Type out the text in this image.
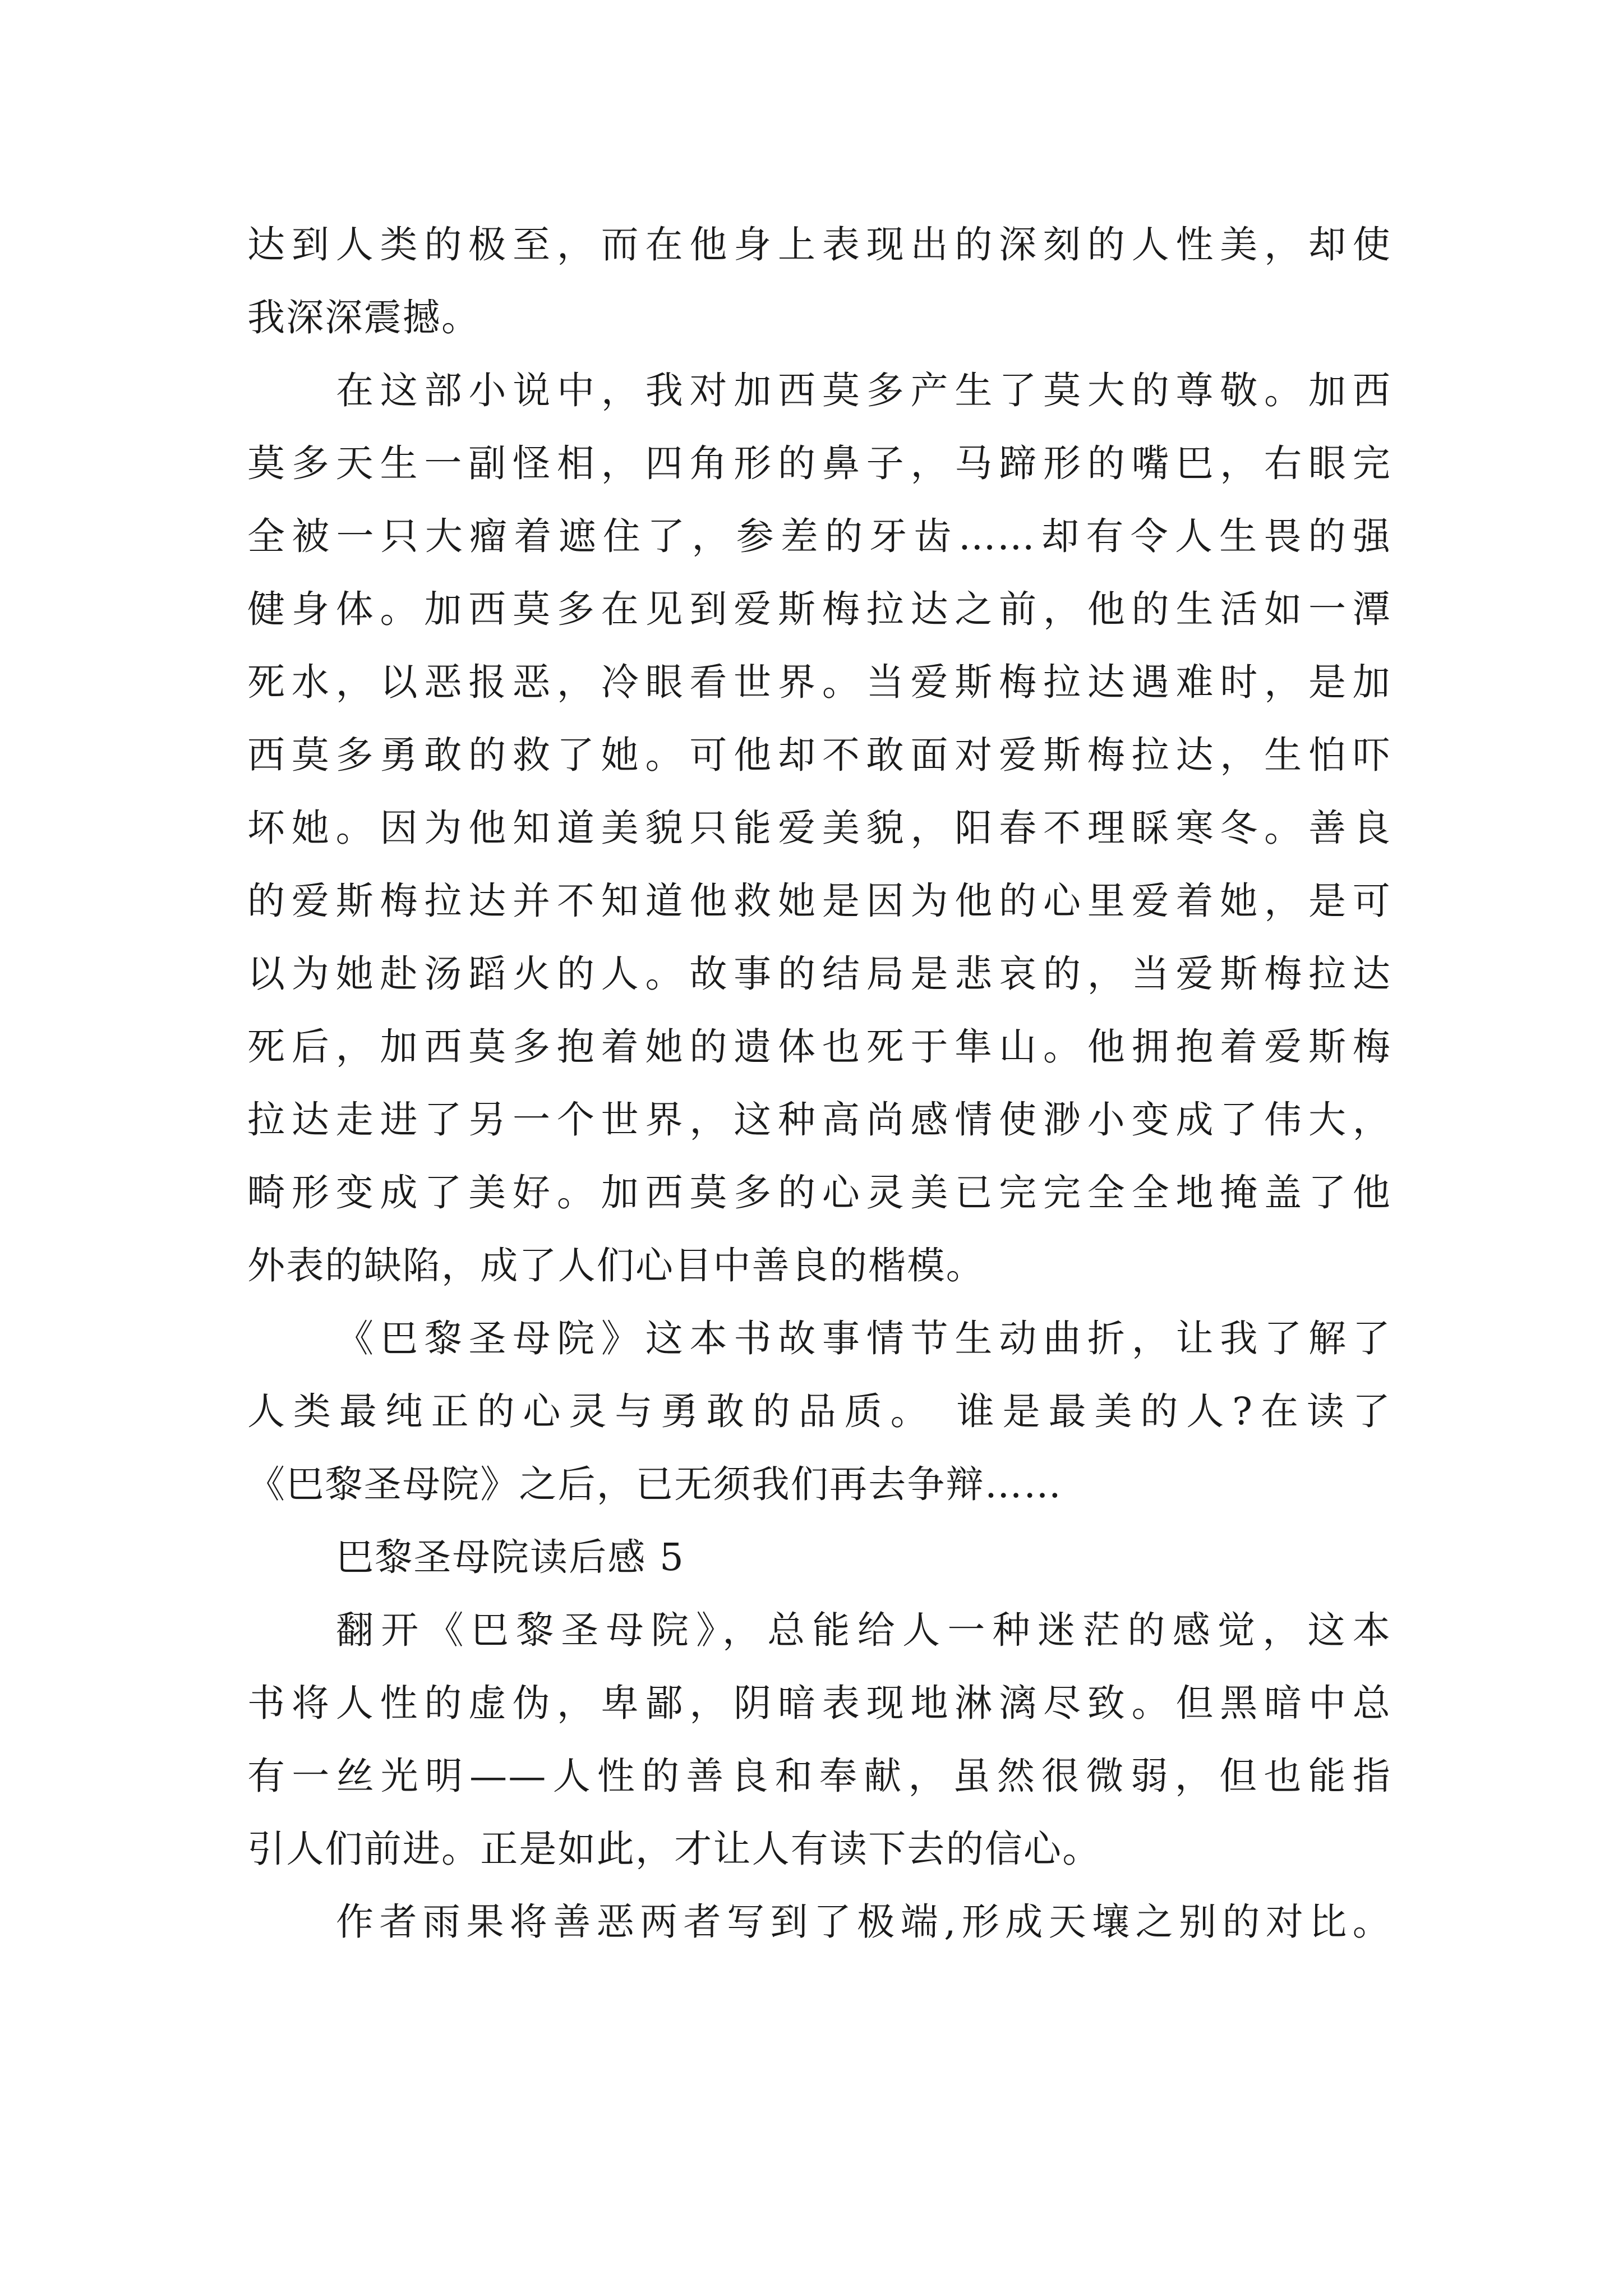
达到人类的极至，而在他身上表现出的深刻的人性美，却使
我深深震撼。
在这部小说中，我对加西莫多产生了莫大的尊敬。加西
莫多天生一副怪相，四角形的鼻子，马蹄形的嘴巴，右眼完
全被一只大瘤着遮住了，参差的牙齿……却有令人生畏的强
健身体。加西莫多在见到爱斯梅拉达之前，他的生活如一潭
死水，以恶报恶，冷眼看世界。当爱斯梅拉达遇难时，是加
西莫多勇敢的救了她。可他却不敢面对爱斯梅拉达，生怕吓
坏她。因为他知道美貌只能爱美貌，阳春不理睬寒冬。善良
的爱斯梅拉达并不知道他救她是因为他的心里爱着她，是可
以为她赴汤蹈火的人。故事的结局是悲哀的，当爱斯梅拉达
死后，加西莫多抱着她的遗体也死于隼山。他拥抱着爱斯梅
拉达走进了另一个世界，这种高尚感情使渺小变成了伟大，
畸形变成了美好。加西莫多的心灵美已完完全全地掩盖了他
外表的缺陷，成了人们心目中善良的楷模。
《巴黎圣母院》这本书故事情节生动曲折，让我了解了
人类最纯正的心灵与勇敢的品质。 谁是最美的人?在读了
《巴黎圣母院》之后，已无须我们再去争辩……
巴黎圣母院读后感 5
翻开《巴黎圣母院》，总能给人一种迷茫的感觉，这本
书将人性的虚伪，卑鄙，阴暗表现地淋漓尽致。但黑暗中总
有一丝光明——人性的善良和奉献，虽然很微弱，但也能指
引人们前进。正是如此，才让人有读下去的信心。
作者雨果将善恶两者写到了极端,形成天壤之别的对比。
